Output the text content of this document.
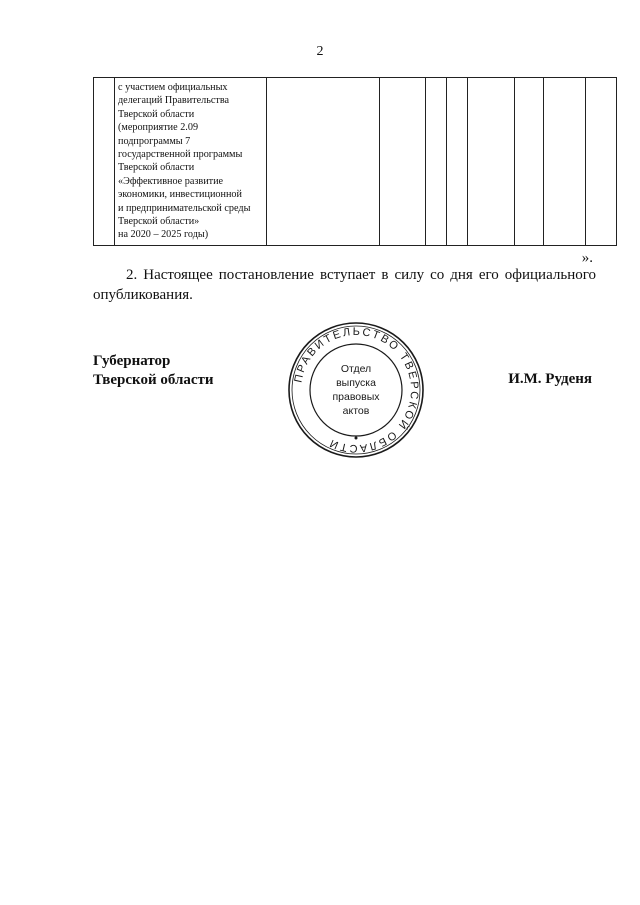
2

с участием официальных
делегаций Правительства
Тверской области
(мероприятие 2.09
подпрограммы 7
государственной программы
Тверской области
«Эффективное развитие
экономики, инвестиционной
и предпринимательской среды
Тверской области»
на 2020 – 2025 годы)

».
2. Настоящее постановление вступает в силу со дня его официального опубликования.
Губернатор
Тверской области	И.М. Руденя
ПРАВИТЕЛЬСТВО ТВЕРСКОЙ ОБЛАСТИ
Отдел
выпуска
правовых
актов
